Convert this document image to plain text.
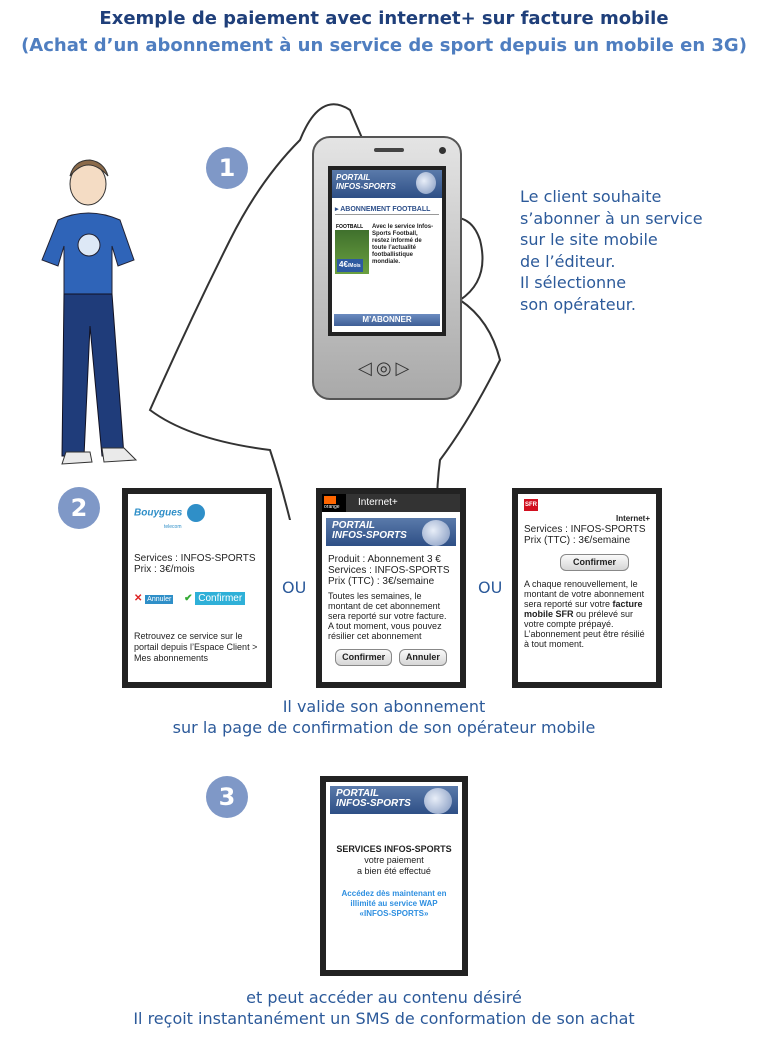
Exemple de paiement avec internet+ sur facture mobile
(Achat d’un abonnement à un service de sport depuis un mobile en 3G)
1	PORTAIL
INFOS-SPORTS
▸ ABONNEMENT FOOTBALL
FOOTBALL
4€/Mois
Avec le service Infos-Sports Football, restez informé de toute l’actualité footballistique mondiale.
M’ABONNER
◁◎▷
Le client souhaite
s’abonner à un service
sur le site mobile
de l’éditeur.
Il sélectionne
son opérateur.
2	Bouygues
telecom
Services : INFOS-SPORTS
Prix : 3€/mois
✕ Annuler ✔ Confirmer
Retrouvez ce service sur le portail depuis l’Espace Client > Mes abonnements
OU
orange	Internet+
PORTAIL
INFOS-SPORTS
Produit : Abonnement 3 €
Services : INFOS-SPORTS
Prix (TTC) : 3€/semaine
Toutes les semaines, le montant de cet abonnement sera reporté sur votre facture. A tout moment, vous pouvez résilier cet abonnement
Confirmer Annuler
OU
SFR
Internet+
Services : INFOS-SPORTS
Prix (TTC) : 3€/semaine
Confirmer
A chaque renouvellement, le montant de votre abonnement sera reporté sur votre facture mobile SFR ou prélevé sur votre compte prépayé. L’abonnement peut être résilié à tout moment.
Il valide son abonnement
sur la page de confirmation de son opérateur mobile
3	PORTAIL
INFOS-SPORTS
SERVICES INFOS-SPORTS
votre paiement
a bien été effectué
Accédez dès maintenant en illimité au service WAP «INFOS-SPORTS»
et peut accéder au contenu désiré
Il reçoit instantanément un SMS de conformation de son achat
